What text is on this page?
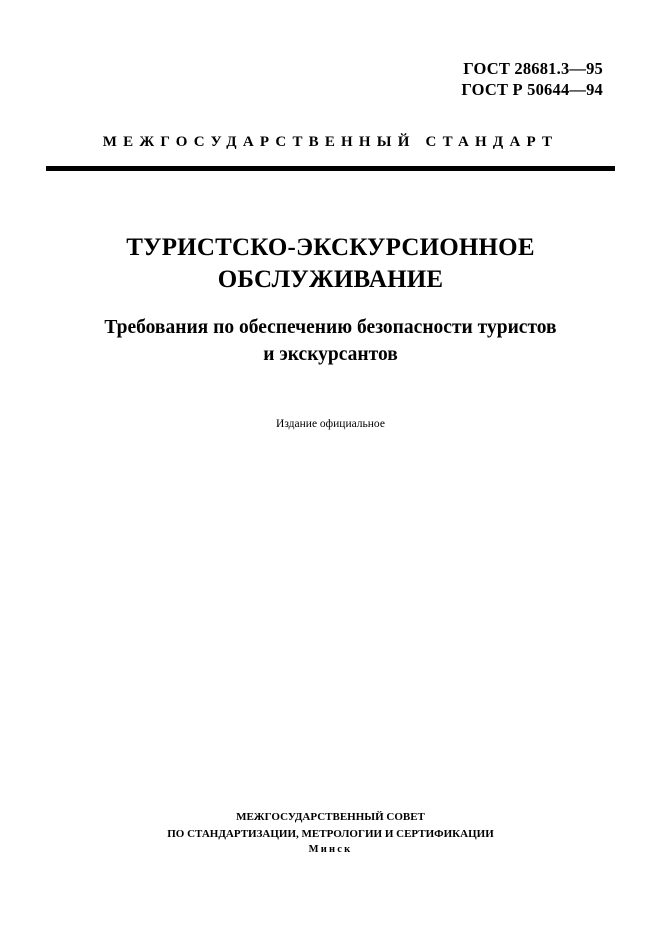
ГОСТ 28681.3—95
ГОСТ Р 50644—94
МЕЖГОСУДАРСТВЕННЫЙ СТАНДАРТ
ТУРИСТСКО-ЭКСКУРСИОННОЕ
ОБСЛУЖИВАНИЕ
Требования по обеспечению безопасности туристов
и экскурсантов
Издание официальное
МЕЖГОСУДАРСТВЕННЫЙ СОВЕТ
ПО СТАНДАРТИЗАЦИИ, МЕТРОЛОГИИ И СЕРТИФИКАЦИИ
Минск
